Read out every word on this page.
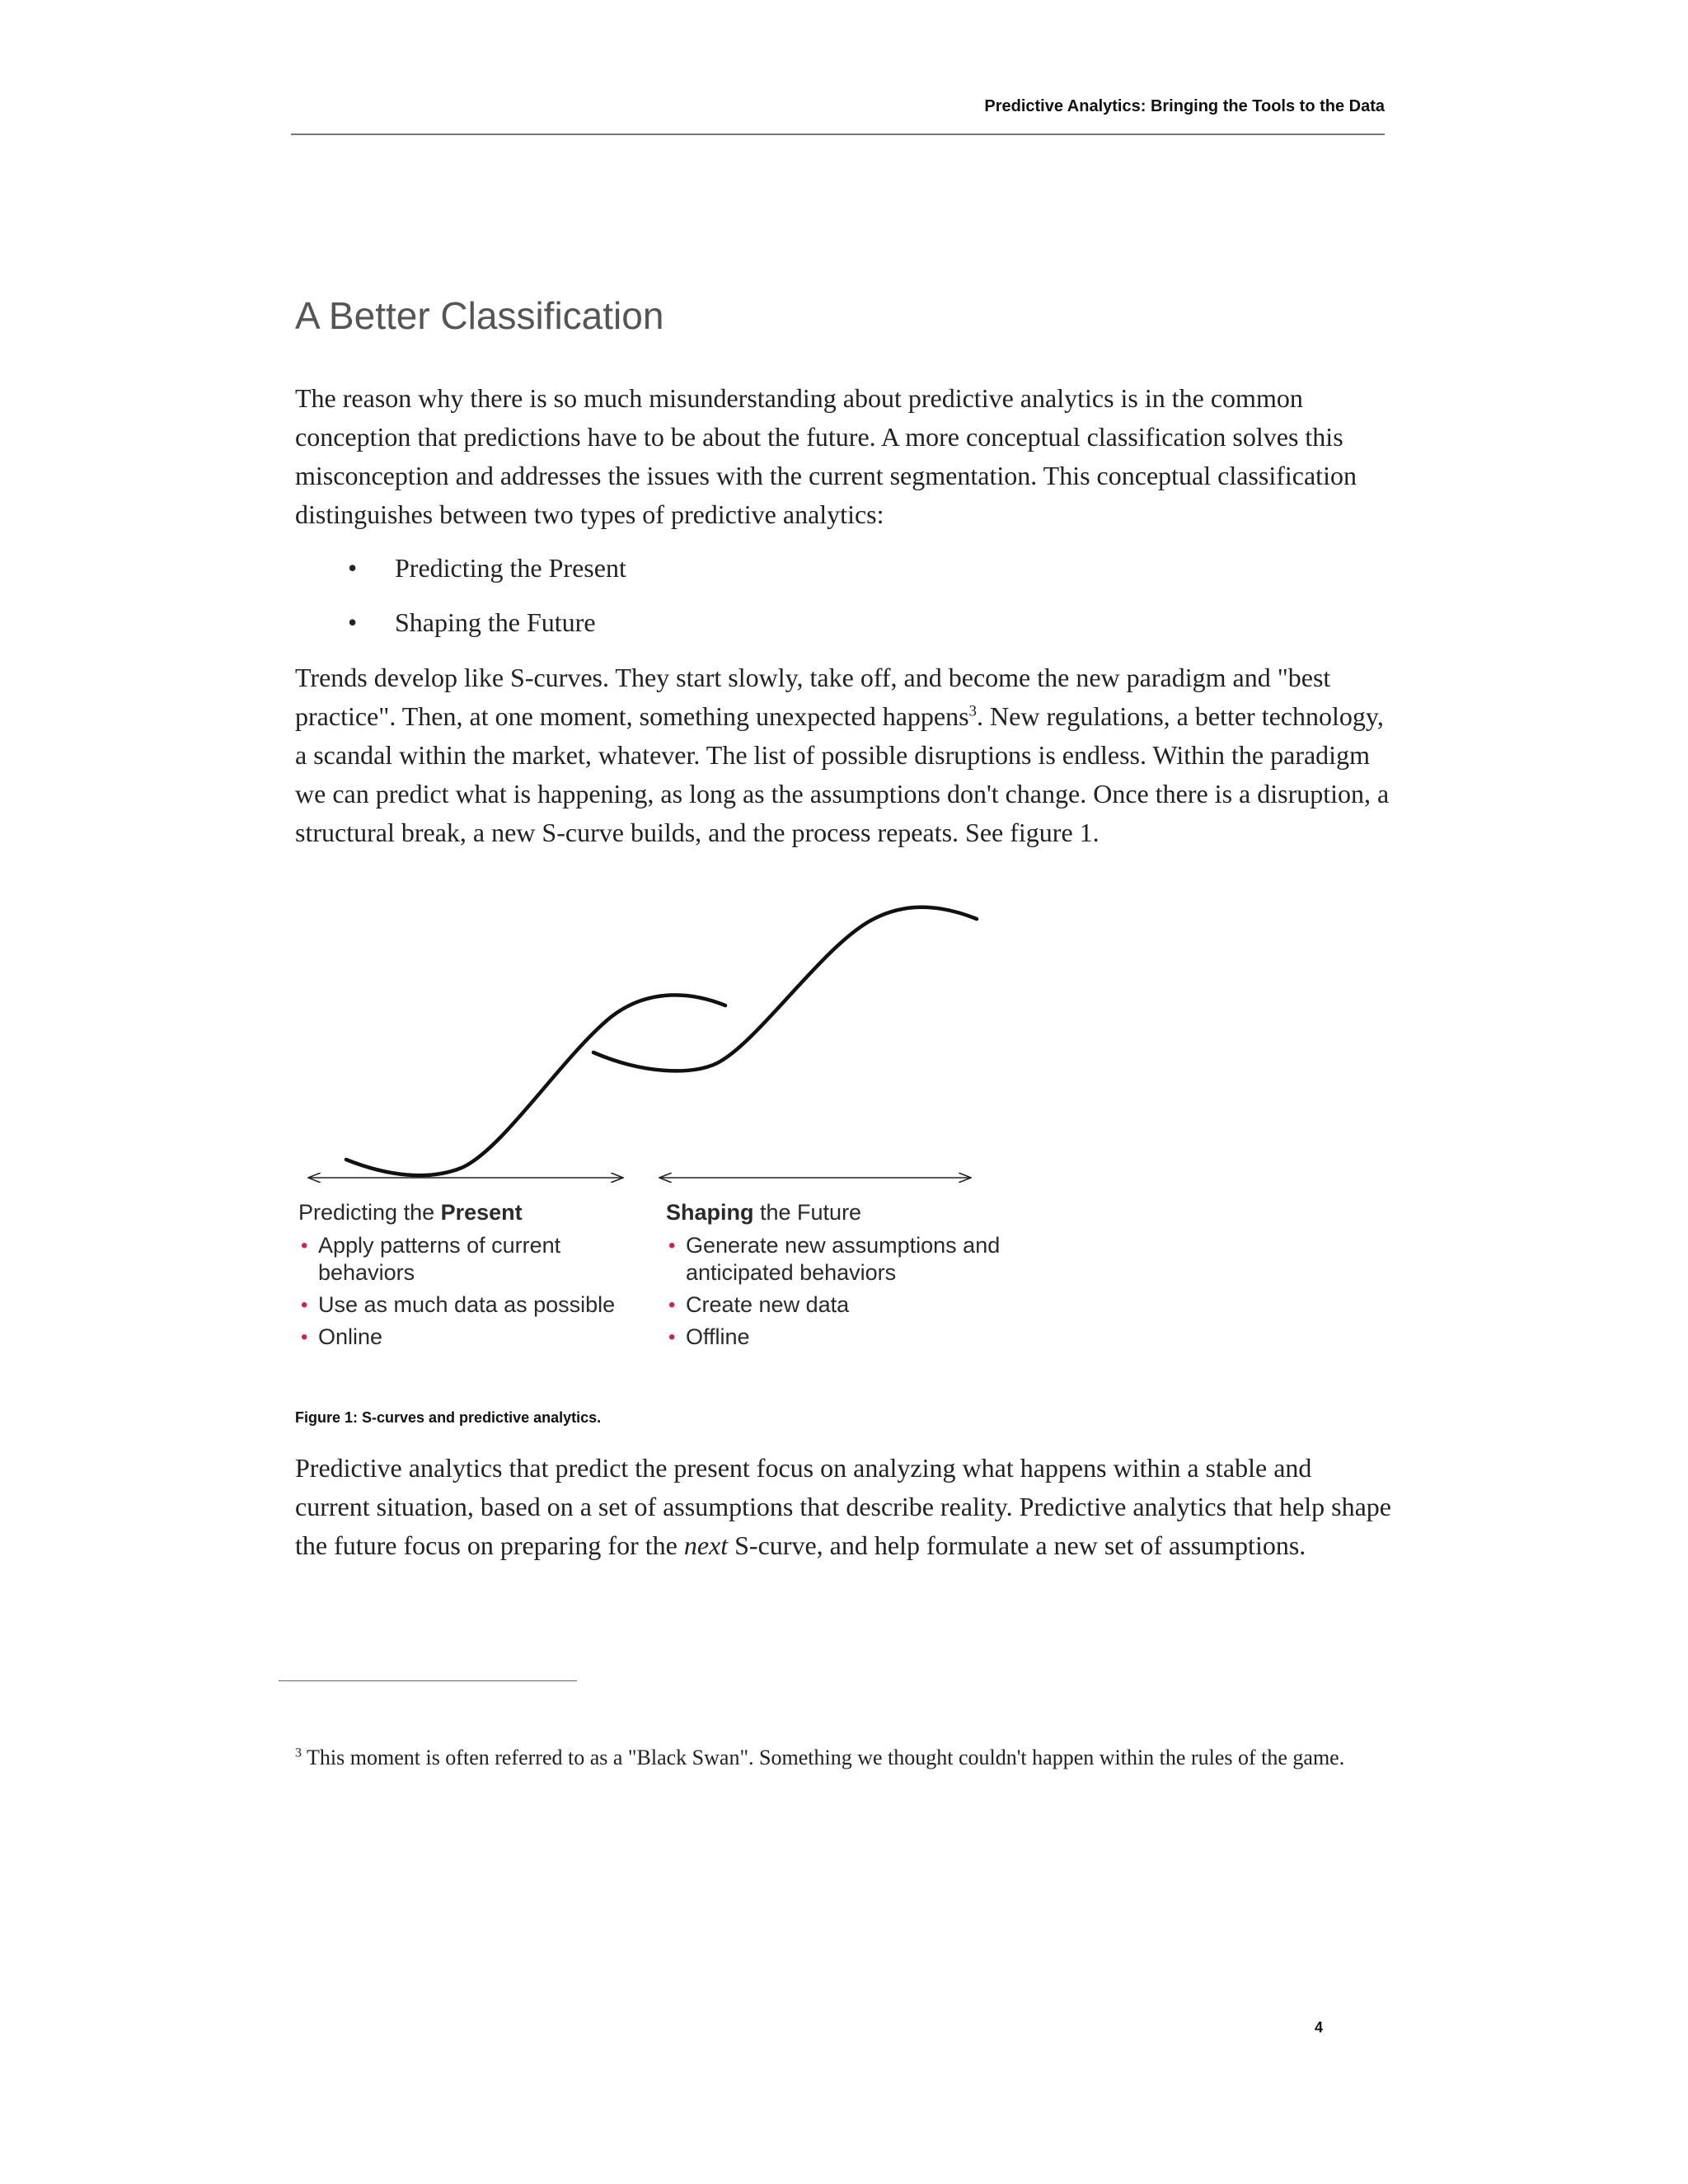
Predictive Analytics: Bringing the Tools to the Data
A Better Classification

The reason why there is so much misunderstanding about predictive analytics is in the common conception that predictions have to be about the future. A more conceptual classification solves this misconception and addresses the issues with the current segmentation. This conceptual classification distinguishes between two types of predictive analytics:

• Predicting the Present
• Shaping the Future

Trends develop like S-curves. They start slowly, take off, and become the new paradigm and "best practice". Then, at one moment, something unexpected happens$^3$. New regulations, a better technology, a scandal within the market, whatever. The list of possible disruptions is endless. Within the paradigm we can predict what is happening, as long as the assumptions don't change. Once there is a disruption, a structural break, a new S-curve builds, and the process repeats. See figure 1.

Predicting the Present
• Apply patterns of current behaviors
• Use as much data as possible
• Online
Shaping the Future
• Generate new assumptions and anticipated behaviors
• Create new data
• Offline

Figure 1: S-curves and predictive analytics.

Predictive analytics that predict the present focus on analyzing what happens within a stable and current situation, based on a set of assumptions that describe reality. Predictive analytics that help shape the future focus on preparing for the next S-curve, and help formulate a new set of assumptions.

$^3$ This moment is often referred to as a "Black Swan". Something we thought couldn't happen within the rules of the game.

4
